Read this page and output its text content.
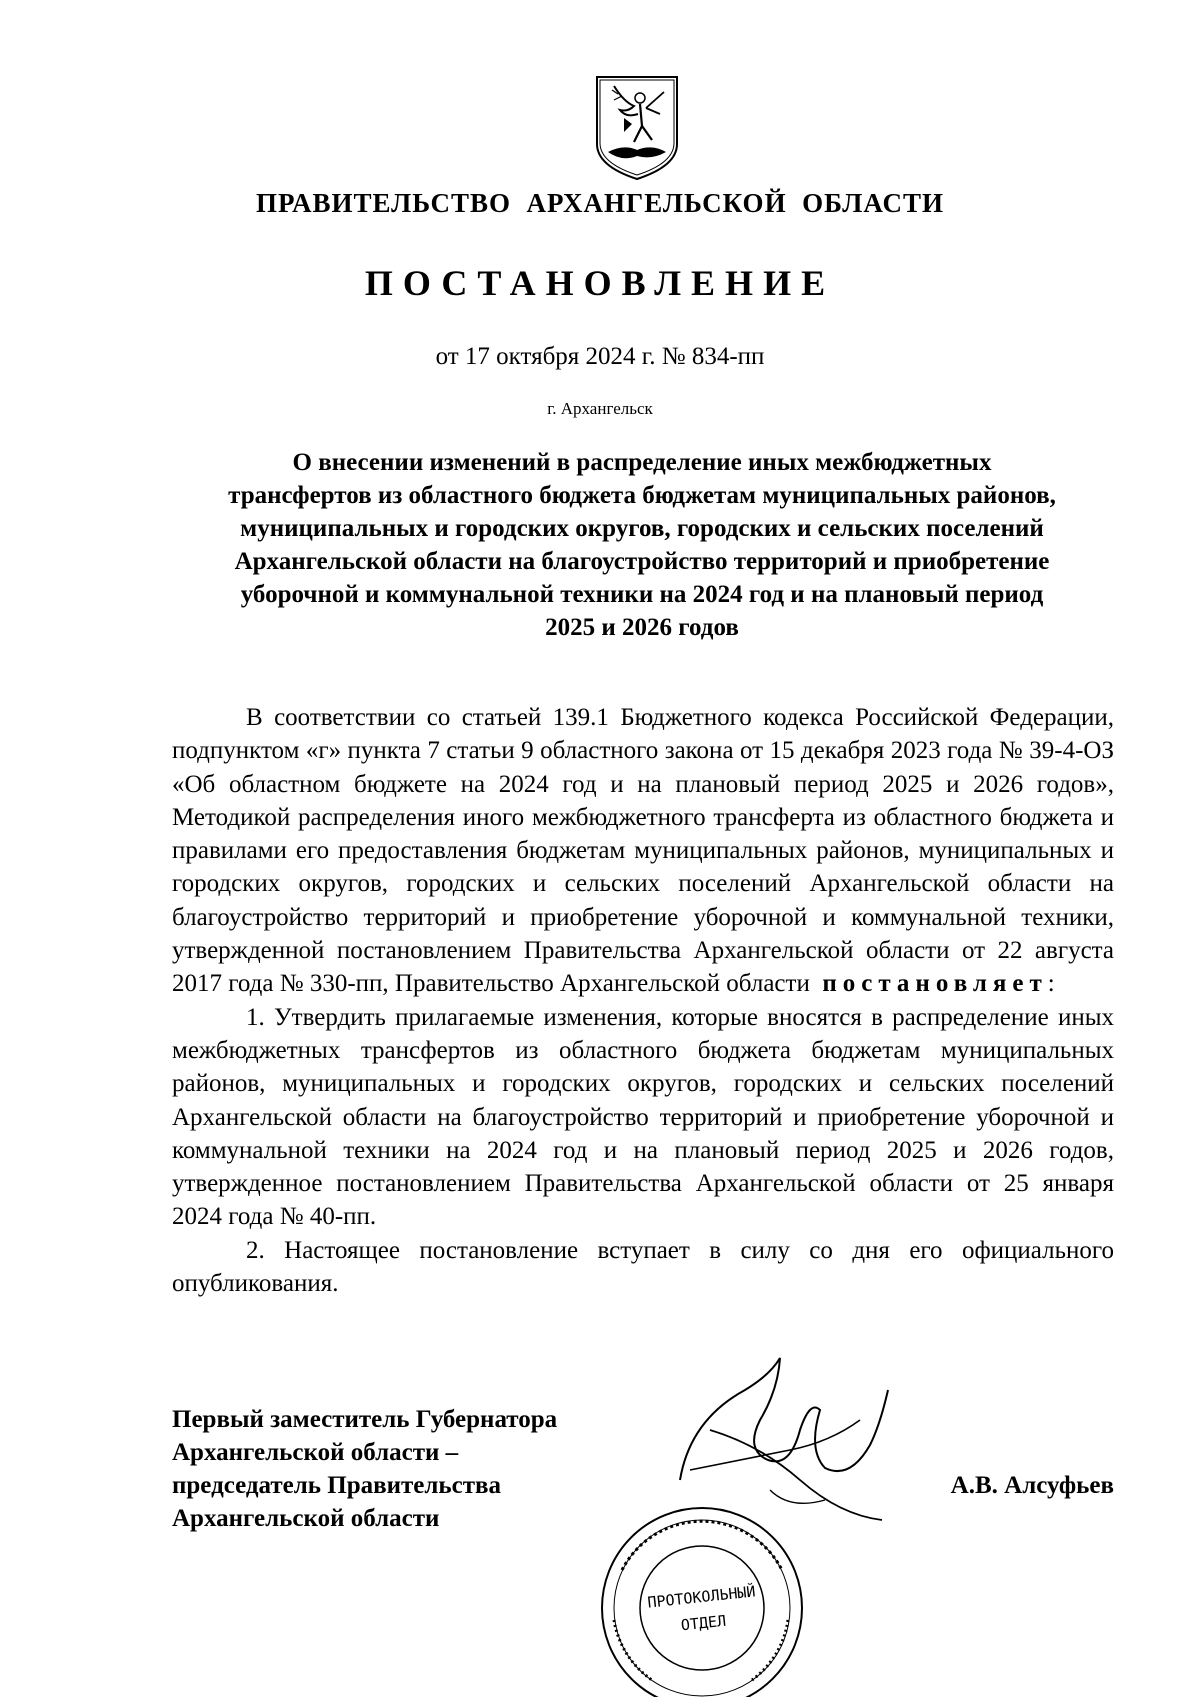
ПРАВИТЕЛЬСТВО  АРХАНГЕЛЬСКОЙ  ОБЛАСТИ
ПОСТАНОВЛЕНИЕ
от 17 октября 2024 г. № 834-пп
г. Архангельск
О внесении изменений в распределение иных межбюджетных
трансфертов из областного бюджета бюджетам муниципальных районов,
муниципальных и городских округов, городских и сельских поселений
Архангельской области на благоустройство территорий и приобретение
уборочной и коммунальной техники на 2024 год и на плановый период
2025 и 2026 годов

В соответствии со статьей 139.1 Бюджетного кодекса Российской Федерации, подпунктом «г» пункта 7 статьи 9 областного закона от 15 декабря 2023 года № 39-4-ОЗ «Об областном бюджете на 2024 год и на плановый период 2025 и 2026 годов», Методикой распределения иного межбюджетного трансферта из областного бюджета и правилами его предоставления бюджетам муниципальных районов, муниципальных и городских округов, городских и сельских поселений Архангельской области на благоустройство территорий и приобретение уборочной и коммунальной техники, утвержденной постановлением Правительства Архангельской области от 22 августа 2017 года № 330-пп, Правительство Архангельской области постановляет:

1. Утвердить прилагаемые изменения, которые вносятся в распределение иных межбюджетных трансфертов из областного бюджета бюджетам муниципальных районов, муниципальных и городских округов, городских и сельских поселений Архангельской области на благоустройство территорий и приобретение уборочной и коммунальной техники на 2024 год и на плановый период 2025 и 2026 годов, утвержденное постановлением Правительства Архангельской области от 25 января 2024 года № 40-пп.

2. Настоящее постановление вступает в силу со дня его официального опубликования.

ПРОТОКОЛЬНЫЙ
ОТДЕЛ
Первый заместитель Губернатора
Архангельской области –
председатель Правительства
Архангельской области
А.В. Алсуфьев
